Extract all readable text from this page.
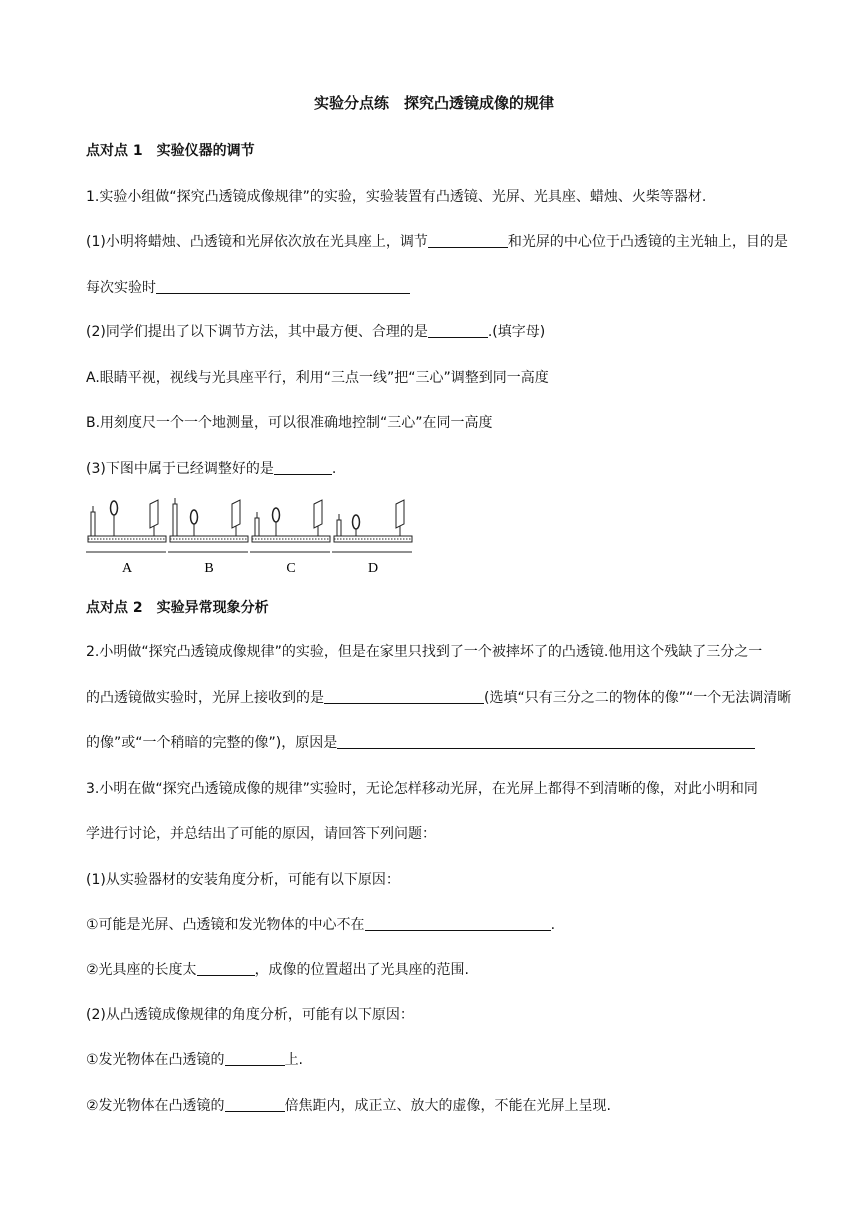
实验分点练　探究凸透镜成像的规律
点对点 1　实验仪器的调节
1.实验小组做“探究凸透镜成像规律”的实验，实验装置有凸透镜、光屏、光具座、蜡烛、火柴等器材.
(1)小明将蜡烛、凸透镜和光屏依次放在光具座上，调节	和光屏的中心位于凸透镜的主光轴上，目的是
每次实验时
(2)同学们提出了以下调节方法，其中最方便、合理的是	.(填字母)
A.眼睛平视，视线与光具座平行，利用“三点一线”把“三心”调整到同一高度
B.用刻度尺一个一个地测量，可以很准确地控制“三心”在同一高度
(3)下图中属于已经调整好的是	.
A	B	C	D
点对点 2　实验异常现象分析
2.小明做“探究凸透镜成像规律”的实验，但是在家里只找到了一个被摔坏了的凸透镜.他用这个残缺了三分之一
的凸透镜做实验时，光屏上接收到的是	(选填“只有三分之二的物体的像”“一个无法调清晰
的像”或“一个稍暗的完整的像”)，原因是
3.小明在做“探究凸透镜成像的规律”实验时，无论怎样移动光屏，在光屏上都得不到清晰的像，对此小明和同
学进行讨论，并总结出了可能的原因，请回答下列问题：
(1)从实验器材的安装角度分析，可能有以下原因：
①可能是光屏、凸透镜和发光物体的中心不在	.
②光具座的长度太	，成像的位置超出了光具座的范围.
(2)从凸透镜成像规律的角度分析，可能有以下原因：
①发光物体在凸透镜的	上.
②发光物体在凸透镜的	倍焦距内，成正立、放大的虚像，不能在光屏上呈现.
